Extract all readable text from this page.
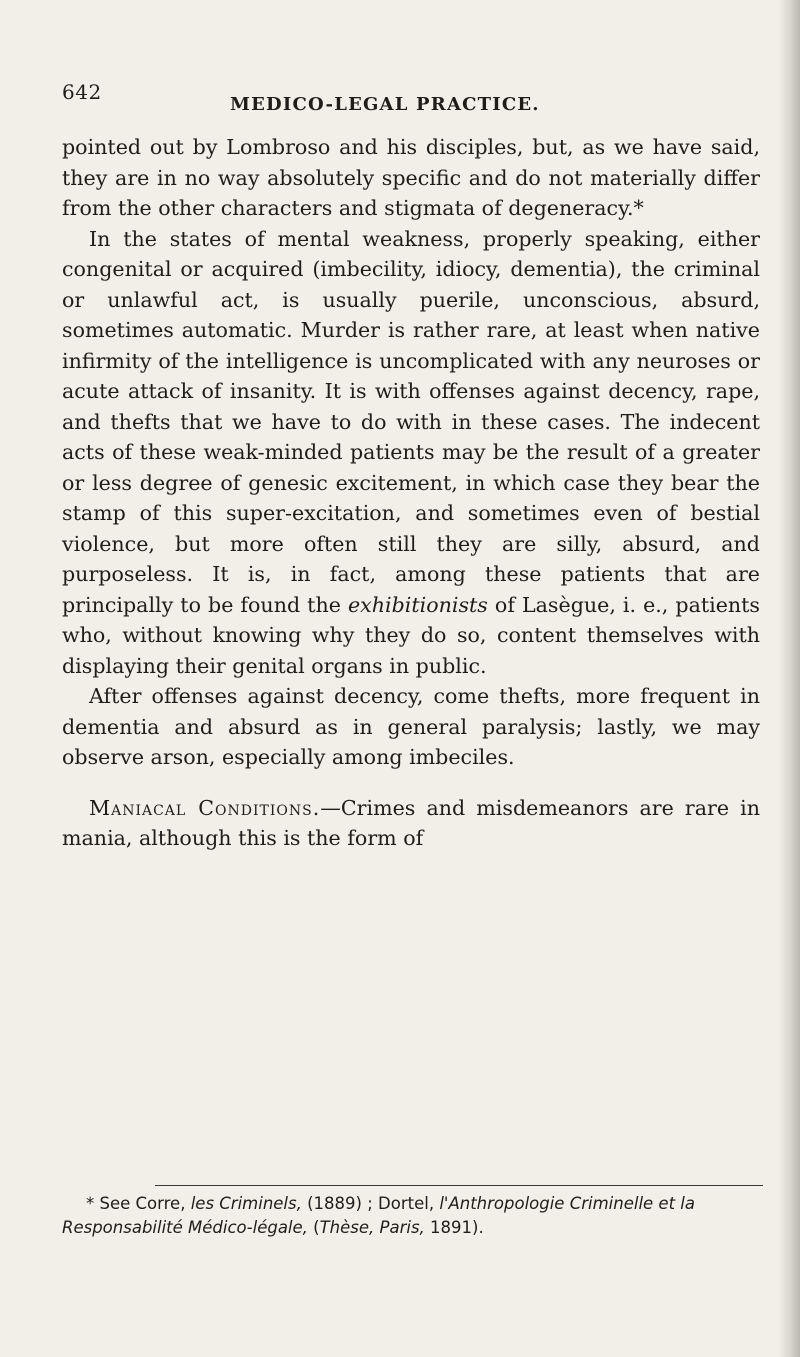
642
MEDICO-LEGAL PRACTICE.

pointed out by Lombroso and his disciples, but, as we have said, they are in no way absolutely specific and do not materially differ from the other characters and stigmata of degeneracy.*

In the states of mental weakness, properly speaking, either congenital or acquired (imbecility, idiocy, dementia), the criminal or unlawful act, is usually puerile, unconscious, absurd, sometimes automatic. Murder is rather rare, at least when native infirmity of the intelligence is uncomplicated with any neuroses or acute attack of insanity. It is with offenses against decency, rape, and thefts that we have to do with in these cases. The indecent acts of these weak-minded patients may be the result of a greater or less degree of genesic excitement, in which case they bear the stamp of this super-excitation, and sometimes even of bestial violence, but more often still they are silly, absurd, and purposeless. It is, in fact, among these patients that are principally to be found the exhibitionists of Lasègue, i. e., patients who, without knowing why they do so, content themselves with displaying their genital organs in public.

After offenses against decency, come thefts, more frequent in dementia and absurd as in general paralysis; lastly, we may observe arson, especially among imbeciles.

Maniacal Conditions.—Crimes and misdemeanors are rare in mania, although this is the form of

* See Corre, les Criminels, (1889) ; Dortel, l'Anthropologie Criminelle et la Responsabilité Médico-légale, (Thèse, Paris, 1891).
